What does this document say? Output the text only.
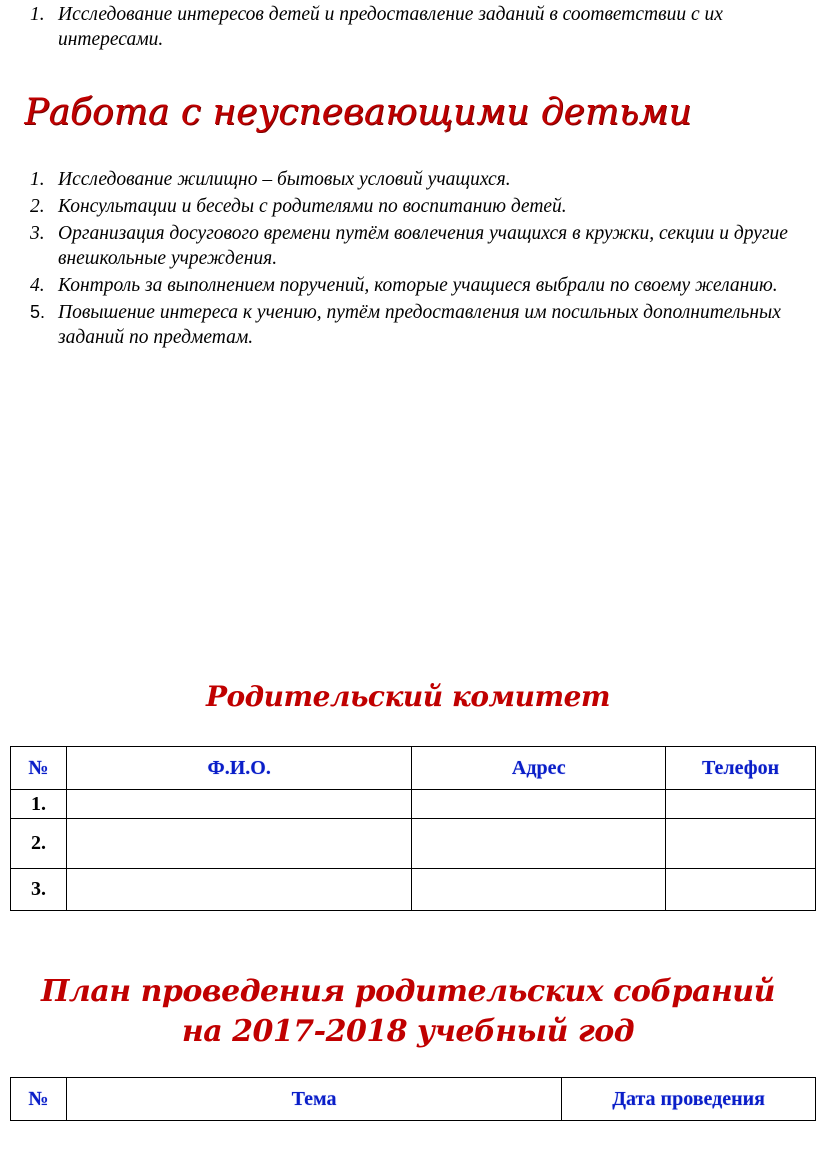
1. Исследование интересов детей и предоставление заданий в соответствии с их интересами.
Работа с неуспевающими детьми
1. Исследование жилищно – бытовых условий учащихся.
2. Консультации и беседы с родителями по воспитанию детей.
3. Организация досугового времени путём вовлечения учащихся в кружки, секции и другие внешкольные учреждения.
4. Контроль за выполнением поручений, которые учащиеся выбрали по своему желанию.
5. Повышение интереса к учению, путём предоставления им посильных дополнительных заданий по предметам.
Родительский комитет
№	Ф.И.О.	Адрес	Телефон
1.			
2.			
3.			
План проведения родительских собраний
на 2017-2018 учебный год
№	Тема	Дата проведения
